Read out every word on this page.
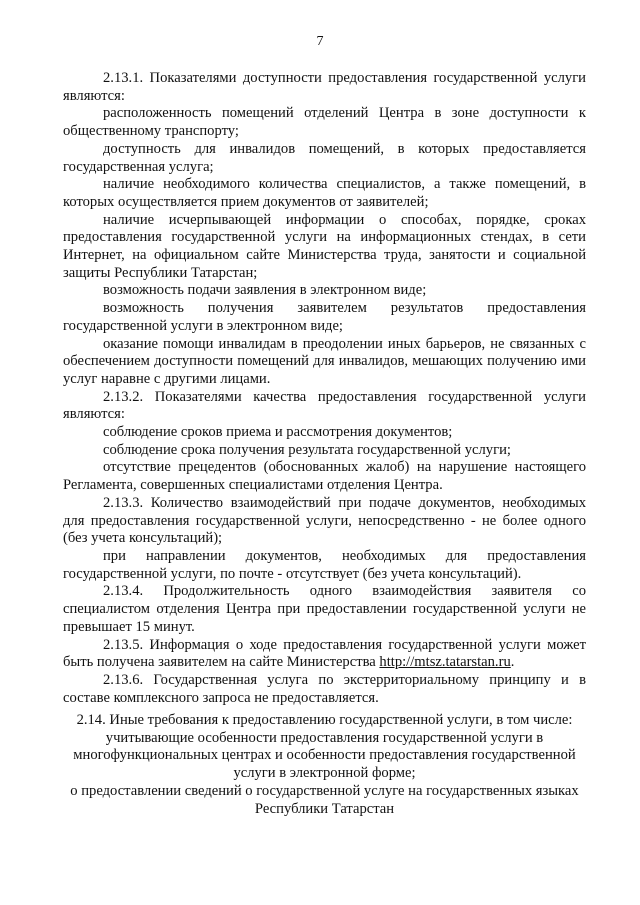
7

2.13.1. Показателями доступности предоставления государственной услуги являются:

расположенность помещений отделений Центра в зоне доступности к общественному транспорту;

доступность для инвалидов помещений, в которых предоставляется государственная услуга;

наличие необходимого количества специалистов, а также помещений, в которых осуществляется прием документов от заявителей;

наличие исчерпывающей информации о способах, порядке, сроках предоставления государственной услуги на информационных стендах, в сети Интернет, на официальном сайте Министерства труда, занятости и социальной защиты Республики Татарстан;

возможность подачи заявления в электронном виде;

возможность получения заявителем результатов предоставления государственной услуги в электронном виде;

оказание помощи инвалидам в преодолении иных барьеров, не связанных с обеспечением доступности помещений для инвалидов, мешающих получению ими услуг наравне с другими лицами.

2.13.2. Показателями качества предоставления государственной услуги являются:

соблюдение сроков приема и рассмотрения документов;

соблюдение срока получения результата государственной услуги;

отсутствие прецедентов (обоснованных жалоб) на нарушение настоящего Регламента, совершенных специалистами отделения Центра.

2.13.3. Количество взаимодействий при подаче документов, необходимых для предоставления государственной услуги, непосредственно - не более одного (без учета консультаций);

при направлении документов, необходимых для предоставления государственной услуги, по почте - отсутствует (без учета консультаций).

2.13.4. Продолжительность одного взаимодействия заявителя со специалистом отделения Центра при предоставлении государственной услуги не превышает 15 минут.

2.13.5. Информация о ходе предоставления государственной услуги может быть получена заявителем на сайте Министерства http://mtsz.tatarstan.ru.

2.13.6. Государственная услуга по экстерриториальному принципу и в составе комплексного запроса не предоставляется.

2.14. Иные требования к предоставлению государственной услуги, в том числе: учитывающие особенности предоставления государственной услуги в многофункциональных центрах и особенности предоставления государственной услуги в электронной форме;

о предоставлении сведений о государственной услуге на государственных языках Республики Татарстан
